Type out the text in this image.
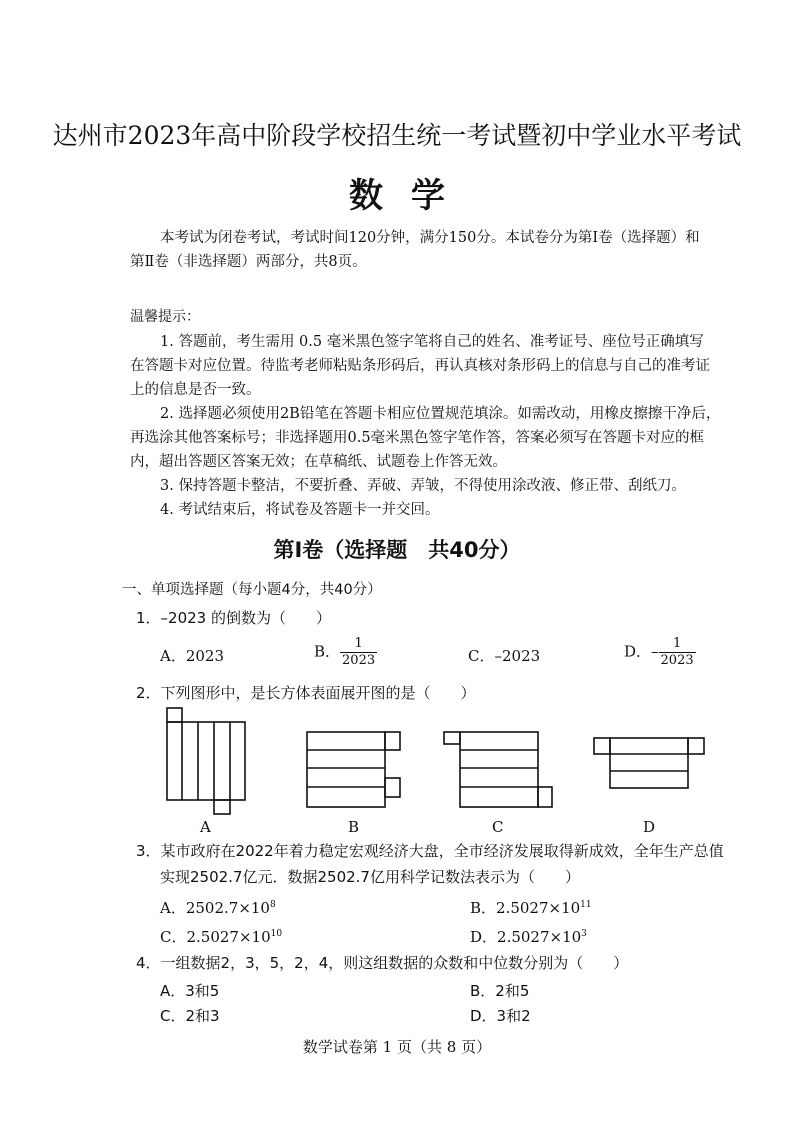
达州市2023年高中阶段学校招生统一考试暨初中学业水平考试
数学
本考试为闭卷考试，考试时间120分钟，满分150分。本试卷分为第Ⅰ卷（选择题）和
第Ⅱ卷（非选择题）两部分，共8页。
温馨提示：
1. 答题前，考生需用 0.5 毫米黑色签字笔将自己的姓名、准考证号、座位号正确填写
在答题卡对应位置。待监考老师粘贴条形码后，再认真核对条形码上的信息与自己的准考证
上的信息是否一致。
2. 选择题必须使用2B铅笔在答题卡相应位置规范填涂。如需改动，用橡皮擦擦干净后，
再选涂其他答案标号；非选择题用0.5毫米黑色签字笔作答，答案必须写在答题卡对应的框
内，超出答题区答案无效；在草稿纸、试题卷上作答无效。
3. 保持答题卡整洁，不要折叠、弄破、弄皱，不得使用涂改液、修正带、刮纸刀。
4. 考试结束后，将试卷及答题卡一并交回。
第Ⅰ卷（选择题　共40分）
一、单项选择题（每小题4分，共40分）
1．–2023 的倒数为（　　）
A．2023	B． $\frac{1}{2023}$	C．–2023	D．– $\frac{1}{2023}$
2．下列图形中，是长方体表面展开图的是（　　）
A	B	C	D
3．某市政府在2022年着力稳定宏观经济大盘，全市经济发展取得新成效，全年生产总值
实现2502.7亿元．数据2502.7亿用科学记数法表示为（　　）
A．$2502.7\times 10^8$	B．$2.5027\times 10^{11}$
C．$2.5027\times 10^{10}$	D．$2.5027\times 10^3$
4．一组数据2，3，5，2，4，则这组数据的众数和中位数分别为（　　）
A．3和5	B．2和5
C．2和3	D．3和2
数学试卷第 1 页（共 8 页）
